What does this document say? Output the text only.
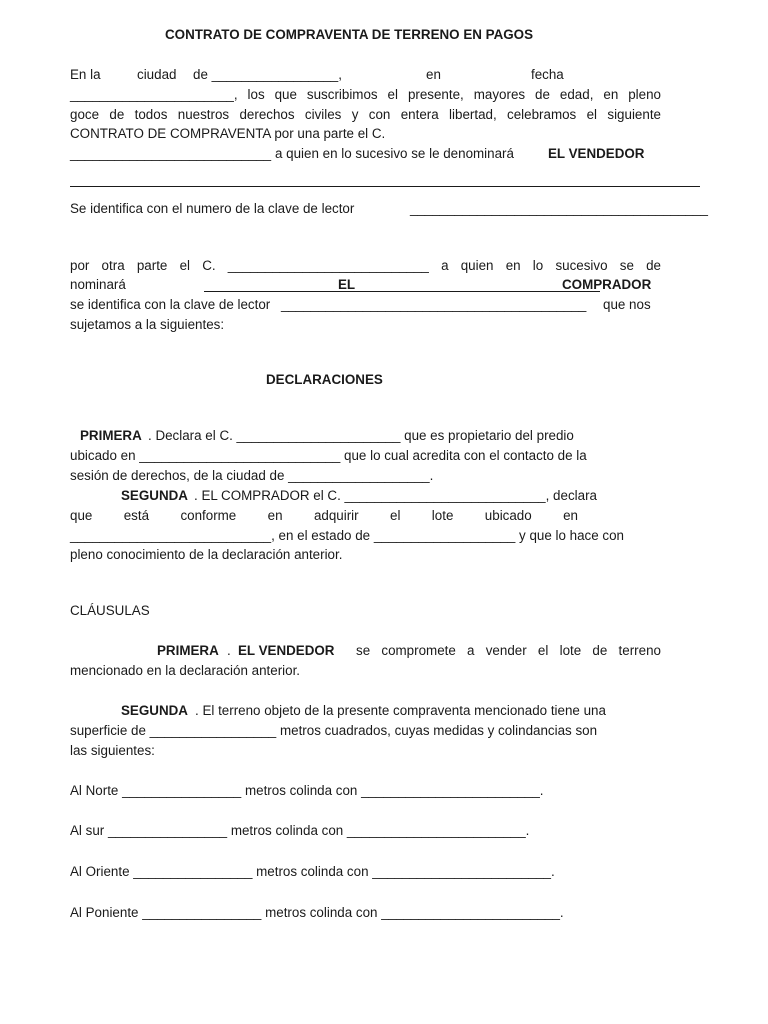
CONTRATO DE COMPRAVENTA DE TERRENO EN PAGOS
En la	ciudad de _________________,	en	fecha
______________________, los que suscribimos el presente, mayores de edad, en pleno
goce de todos nuestros derechos civiles y con entera libertad, celebramos el siguiente
CONTRATO DE COMPRAVENTA por una parte el C.
___________________________ a quien en lo sucesivo se le denominará	EL VENDEDOR
Se identifica con el numero de la clave de lector	________________________________________
por otra parte el C. ___________________________ a quien en lo sucesivo se de
nominará	EL	COMPRADOR
se identifica con la clave de lector _________________________________________ que nos
sujetamos a la siguientes:
DECLARACIONES
PRIMERA . Declara el C. ______________________ que es propietario del predio
ubicado en ___________________________ que lo cual acredita con el contacto de la
sesión de derechos, de la ciudad de ___________________.
SEGUNDA . EL COMPRADOR el C. ___________________________, declara
que está conforme en adquirir el lote ubicado en
___________________________, en el estado de ___________________ y que lo hace con
pleno conocimiento de la declaración anterior.
CLÁUSULAS
PRIMERA . EL VENDEDOR se compromete a vender el lote de terreno
mencionado en la declaración anterior.
SEGUNDA . El terreno objeto de la presente compraventa mencionado tiene una
superficie de _________________ metros cuadrados, cuyas medidas y colindancias son
las siguientes:
Al Norte ________________ metros colinda con ________________________.
Al sur ________________ metros colinda con ________________________.
Al Oriente ________________ metros colinda con ________________________.
Al Poniente ________________ metros colinda con ________________________.
